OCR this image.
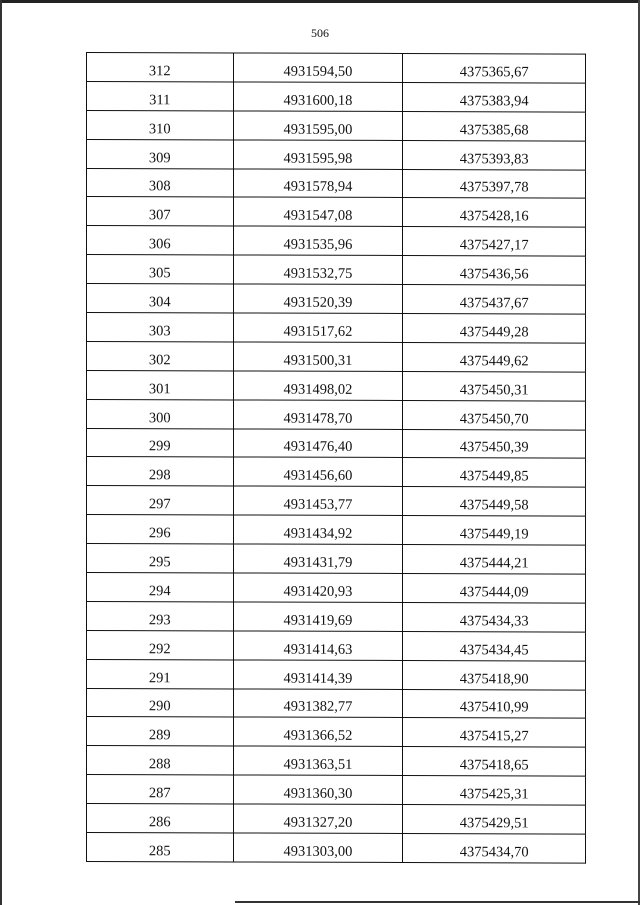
506
312	4931594,50	4375365,67
311	4931600,18	4375383,94
310	4931595,00	4375385,68
309	4931595,98	4375393,83
308	4931578,94	4375397,78
307	4931547,08	4375428,16
306	4931535,96	4375427,17
305	4931532,75	4375436,56
304	4931520,39	4375437,67
303	4931517,62	4375449,28
302	4931500,31	4375449,62
301	4931498,02	4375450,31
300	4931478,70	4375450,70
299	4931476,40	4375450,39
298	4931456,60	4375449,85
297	4931453,77	4375449,58
296	4931434,92	4375449,19
295	4931431,79	4375444,21
294	4931420,93	4375444,09
293	4931419,69	4375434,33
292	4931414,63	4375434,45
291	4931414,39	4375418,90
290	4931382,77	4375410,99
289	4931366,52	4375415,27
288	4931363,51	4375418,65
287	4931360,30	4375425,31
286	4931327,20	4375429,51
285	4931303,00	4375434,70
